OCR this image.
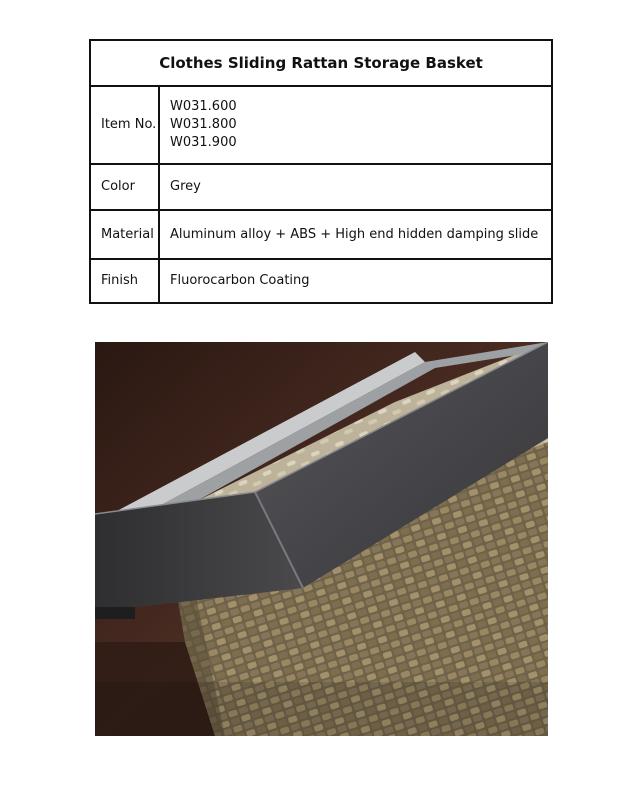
Clothes Sliding Rattan Storage Basket	
Item No.	W031.600
W031.800
W031.900

Color	Grey
Material	Aluminum alloy + ABS + High end hidden damping slide
Finish	Fluorocarbon Coating
